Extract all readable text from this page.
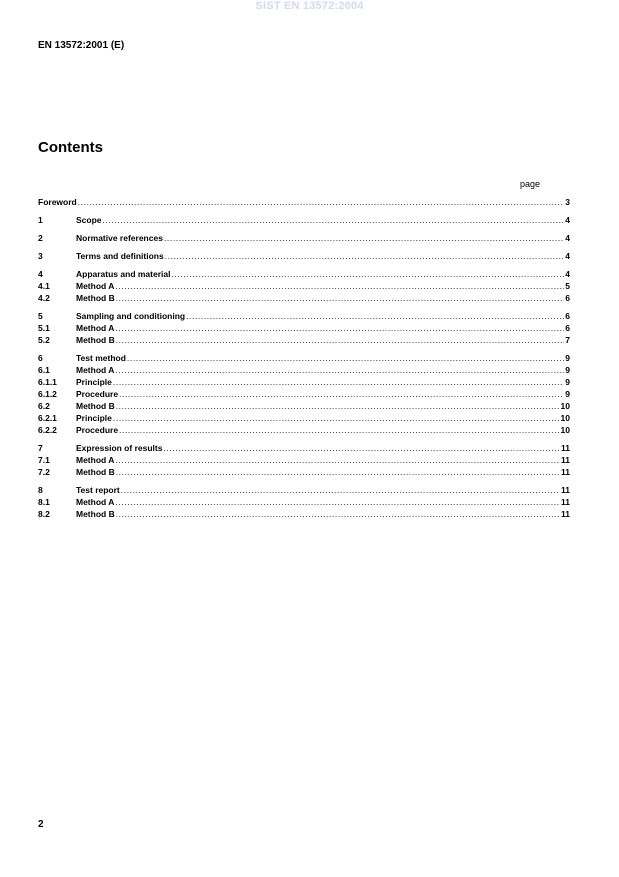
SIST EN 13572:2004
EN 13572:2001 (E)
Contents
page
Foreword .....	3
1	Scope .....	4
2	Normative references .....	4
3	Terms and definitions .....	4
4	Apparatus and material .....	4
4.1	Method A .....	5
4.2	Method B .....	6
5	Sampling and conditioning .....	6
5.1	Method A .....	6
5.2	Method B .....	7
6	Test method .....	9
6.1	Method A .....	9
6.1.1	Principle .....	9
6.1.2	Procedure .....	9
6.2	Method B .....	10
6.2.1	Principle .....	10
6.2.2	Procedure .....	10
7	Expression of results .....	11
7.1	Method A .....	11
7.2	Method B .....	11
8	Test report .....	11
8.1	Method A .....	11
8.2	Method B .....	11
2
